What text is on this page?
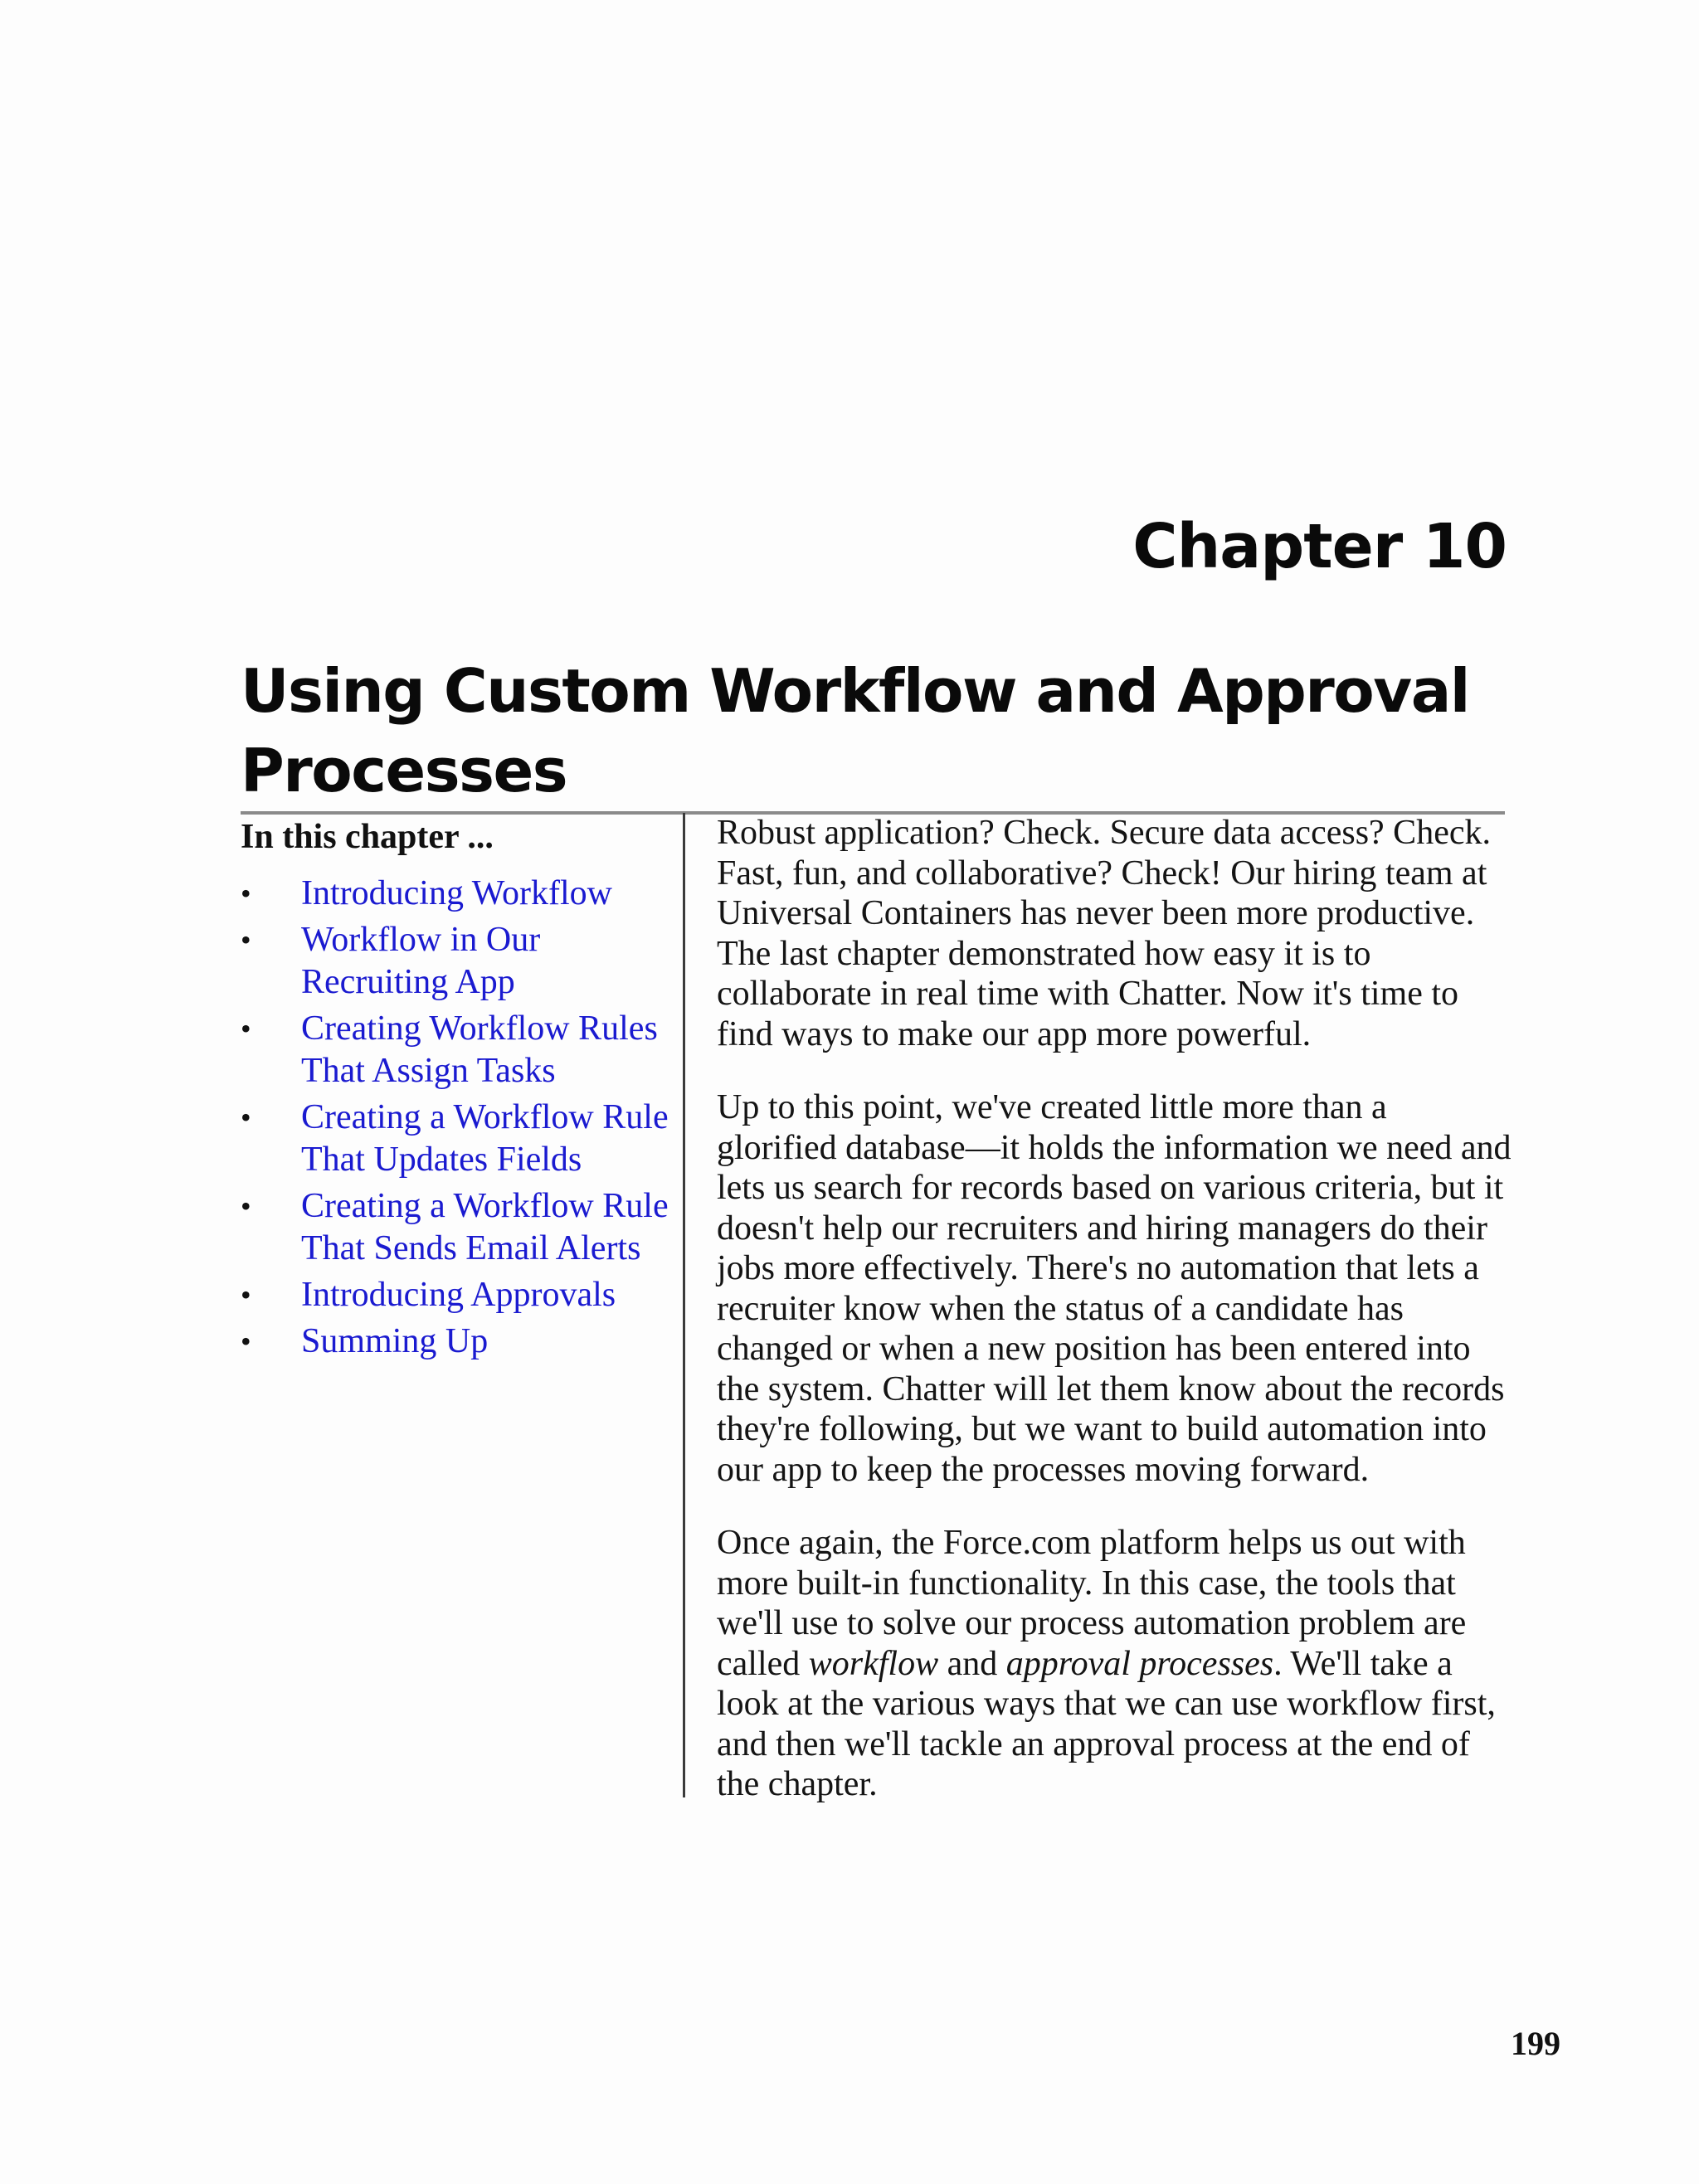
Chapter 10
Using Custom Workflow and Approval Processes
In this chapter ...
• Introducing Workflow
• Workflow in Our Recruiting App
• Creating Workflow Rules That Assign Tasks
• Creating a Workflow Rule That Updates Fields
• Creating a Workflow Rule That Sends Email Alerts
• Introducing Approvals
• Summing Up

Robust application? Check. Secure data access? Check. Fast, fun, and collaborative? Check! Our hiring team at Universal Containers has never been more productive. The last chapter demonstrated how easy it is to collaborate in real time with Chatter. Now it's time to find ways to make our app more powerful.

Up to this point, we've created little more than a glorified database—it holds the information we need and lets us search for records based on various criteria, but it doesn't help our recruiters and hiring managers do their jobs more effectively. There's no automation that lets a recruiter know when the status of a candidate has changed or when a new position has been entered into the system. Chatter will let them know about the records they're following, but we want to build automation into our app to keep the processes moving forward.

Once again, the Force.com platform helps us out with more built-in functionality. In this case, the tools that we'll use to solve our process automation problem are called workflow and approval processes. We'll take a look at the various ways that we can use workflow first, and then we'll tackle an approval process at the end of the chapter.

199
